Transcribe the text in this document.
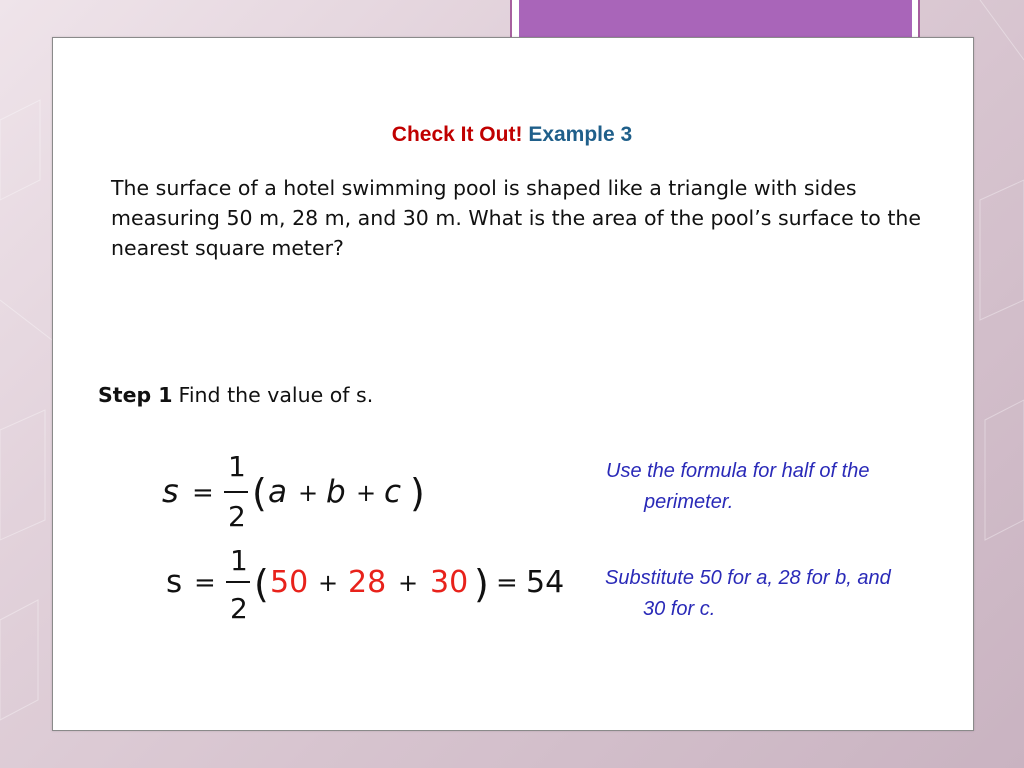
Check It Out! Example 3
The surface of a hotel swimming pool is shaped like a triangle with sides measuring 50 m, 28 m, and 30 m. What is the area of the pool’s surface to the nearest square meter?
Step 1 Find the value of s.
s =
1
2
( a + b + c )
s =
1
2
( 50 + 28 + 30 ) = 54
Use the formula for half of the
perimeter.
Substitute 50 for a, 28 for b, and
30 for c.
